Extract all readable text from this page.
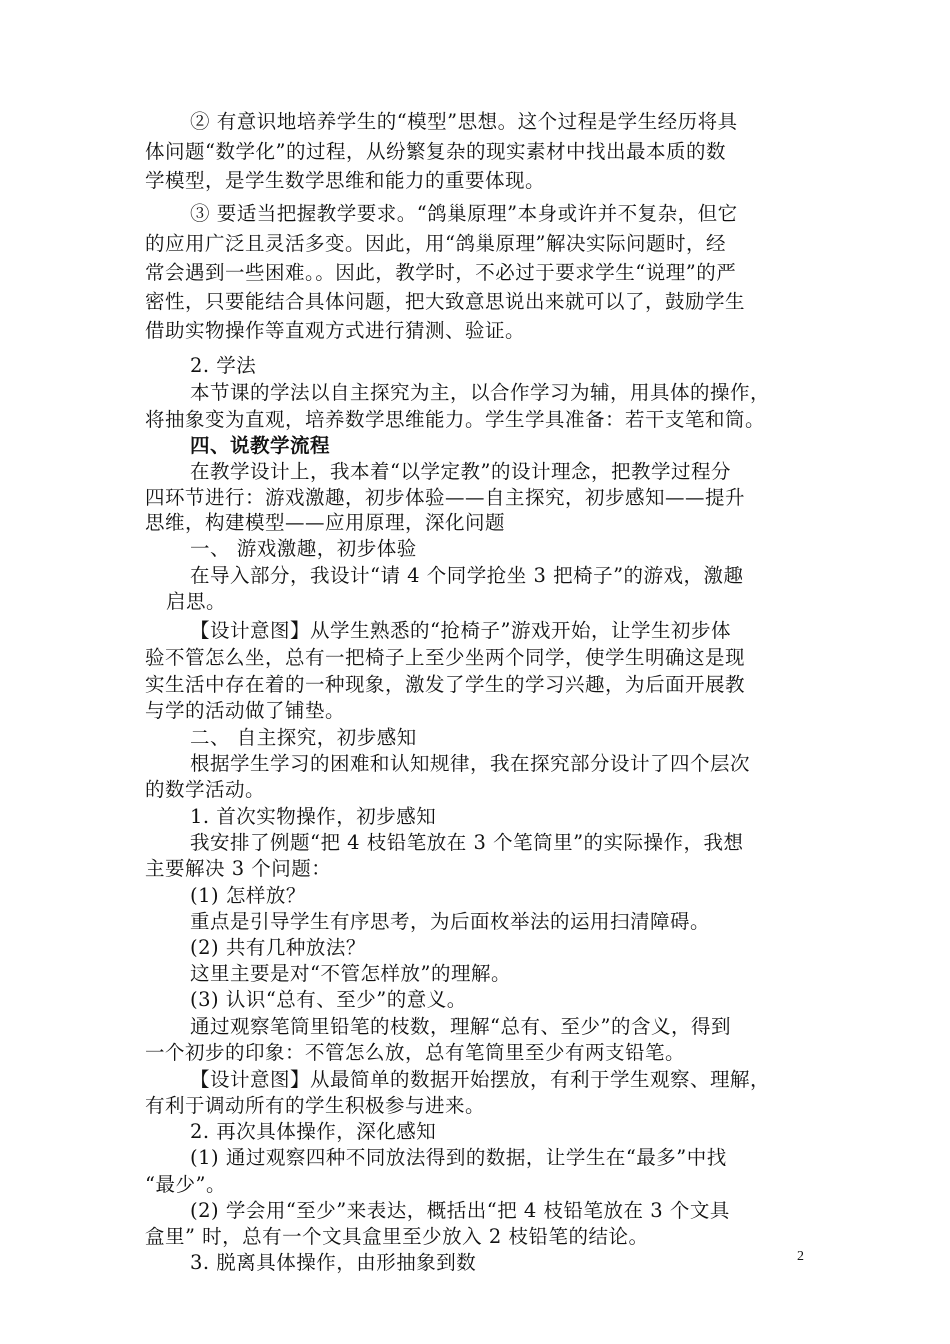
② 有意识地培养学生的“模型”思想。这个过程是学生经历将具
体问题“数学化”的过程，从纷繁复杂的现实素材中找出最本质的数
学模型，是学生数学思维和能力的重要体现。
③ 要适当把握教学要求。“鸽巢原理”本身或许并不复杂，但它
的应用广泛且灵活多变。因此，用“鸽巢原理”解决实际问题时，经
常会遇到一些困难。。因此，教学时，不必过于要求学生“说理”的严
密性，只要能结合具体问题，把大致意思说出来就可以了，鼓励学生
借助实物操作等直观方式进行猜测、验证。
2. 学法
本节课的学法以自主探究为主，以合作学习为辅，用具体的操作，
将抽象变为直观，培养数学思维能力。学生学具准备：若干支笔和筒。
四、说教学流程
在教学设计上，我本着“以学定教”的设计理念，把教学过程分
四环节进行：游戏激趣，初步体验——自主探究，初步感知——提升
思维，构建模型——应用原理，深化问题
一、 游戏激趣，初步体验
在导入部分，我设计“请 4 个同学抢坐 3 把椅子”的游戏，激趣
启思。
【设计意图】从学生熟悉的“抢椅子”游戏开始，让学生初步体
验不管怎么坐，总有一把椅子上至少坐两个同学，使学生明确这是现
实生活中存在着的一种现象，激发了学生的学习兴趣，为后面开展教
与学的活动做了铺垫。
二、 自主探究，初步感知
根据学生学习的困难和认知规律，我在探究部分设计了四个层次
的数学活动。
1. 首次实物操作，初步感知
我安排了例题“把 4 枝铅笔放在 3 个笔筒里”的实际操作，我想
主要解决 3 个问题：
(1) 怎样放？
重点是引导学生有序思考，为后面枚举法的运用扫清障碍。
(2) 共有几种放法？
这里主要是对“不管怎样放”的理解。
(3) 认识“总有、至少”的意义。
通过观察笔筒里铅笔的枝数，理解“总有、至少”的含义，得到
一个初步的印象：不管怎么放，总有笔筒里至少有两支铅笔。
【设计意图】从最简单的数据开始摆放，有利于学生观察、理解，
有利于调动所有的学生积极参与进来。
2. 再次具体操作，深化感知
(1) 通过观察四种不同放法得到的数据，让学生在“最多”中找
“最少”。
(2) 学会用“至少”来表达，概括出“把 4 枝铅笔放在 3 个文具
盒里” 时，总有一个文具盒里至少放入 2 枝铅笔的结论。
3. 脱离具体操作，由形抽象到数	2
